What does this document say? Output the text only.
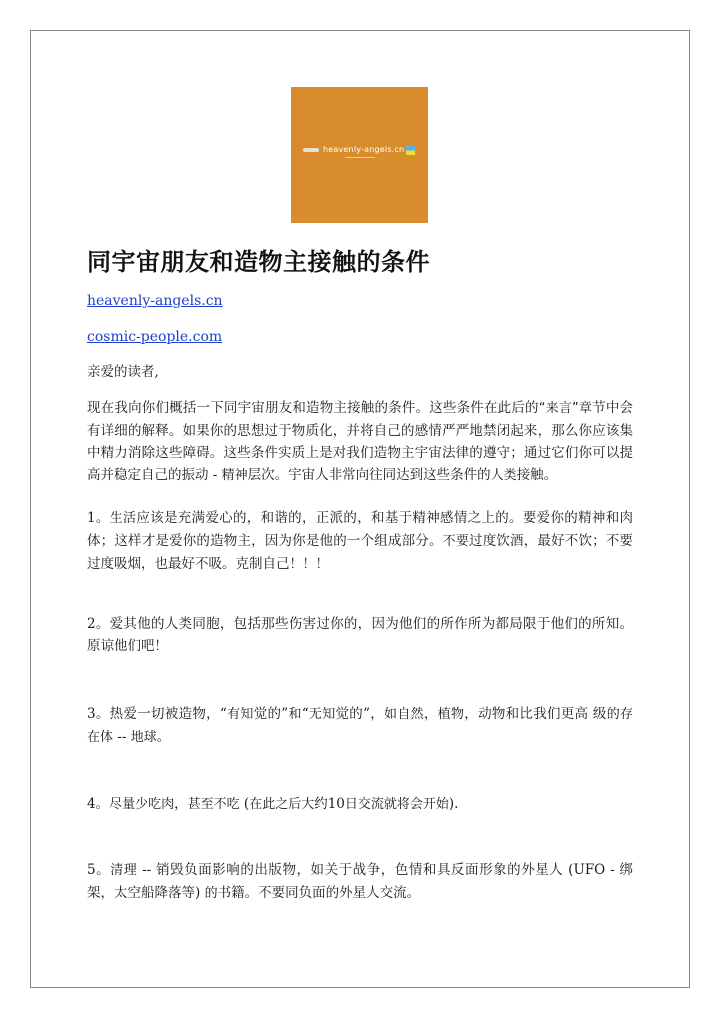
heavenly-angels.cn
同宇宙朋友和造物主接触的条件
heavenly-angels.cn
cosmic-people.com

亲爱的读者,

现在我向你们概括一下同宇宙朋友和造物主接触的条件。这些条件在此后的“来言”章节中会有详细的解释。如果你的思想过于物质化，并将自己的感情严严地禁闭起来，那么你应该集中精力消除这些障碍。这些条件实质上是对我们造物主宇宙法律的遵守；通过它们你可以提高并稳定自己的振动 - 精神层次。宇宙人非常向往同达到这些条件的人类接触。

1。生活应该是充满爱心的，和谐的，正派的，和基于精神感情之上的。要爱你的精神和肉体；这样才是爱你的造物主，因为你是他的一个组成部分。不要过度饮酒，最好不饮；不要过度吸烟，也最好不吸。克制自己！！！

2。爱其他的人类同胞，包括那些伤害过你的，因为他们的所作所为都局限于他们的所知。原谅他们吧！

3。热爱一切被造物，“有知觉的”和“无知觉的”，如自然，植物，动物和比我们更高 级的存在体 -- 地球。

4。尽量少吃肉，甚至不吃 (在此之后大约10日交流就将会开始).

5。清理 -- 销毁负面影响的出版物，如关于战争，色情和具反面形象的外星人 (UFO - 绑架，太空船降落等) 的书籍。不要同负面的外星人交流。
